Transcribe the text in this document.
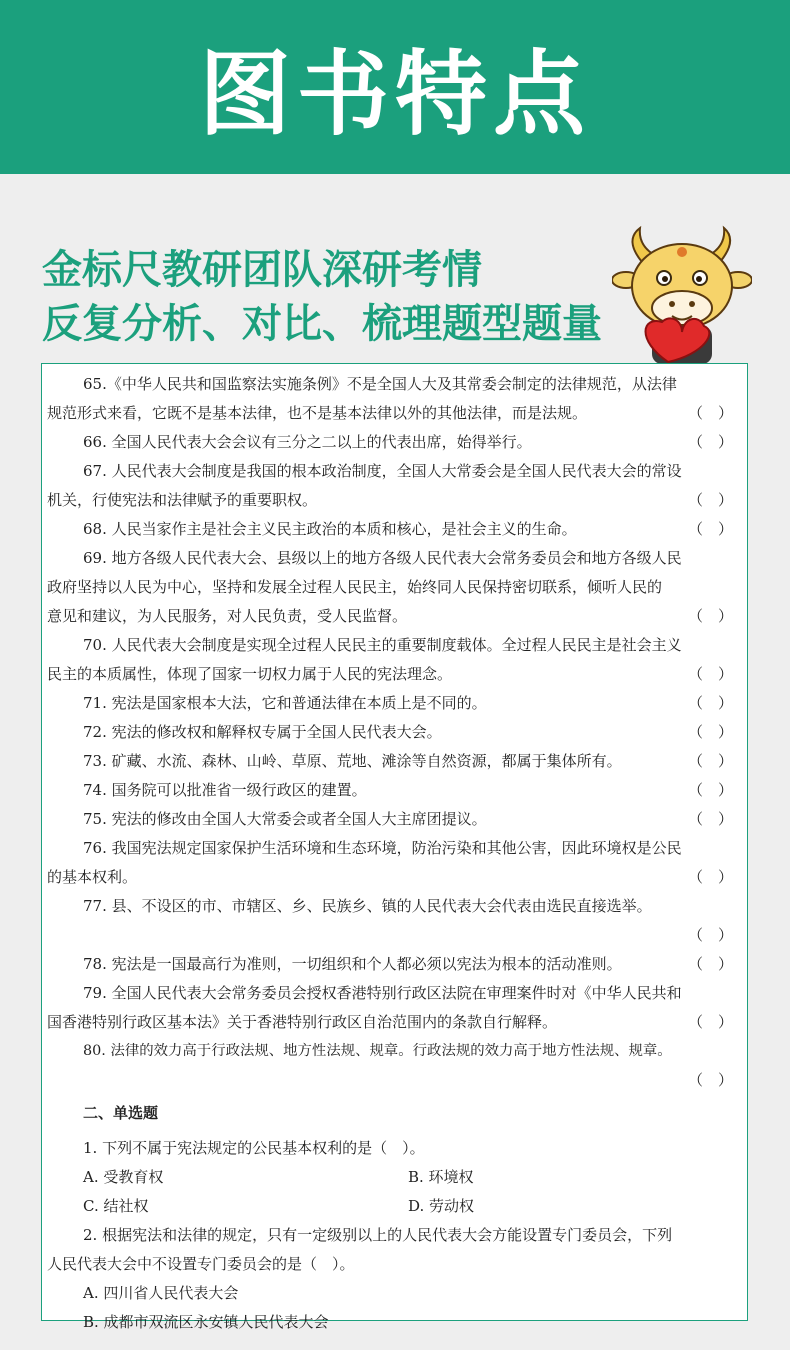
图书特点
金标尺教研团队深研考情
反复分析、对比、梳理题型题量
65.《中华人民共和国监察法实施条例》不是全国人大及其常委会制定的法律规范，从法律
规范形式来看，它既不是基本法律，也不是基本法律以外的其他法律，而是法规。	（　）
66. 全国人民代表大会会议有三分之二以上的代表出席，始得举行。	（　）
67. 人民代表大会制度是我国的根本政治制度，全国人大常委会是全国人民代表大会的常设
机关，行使宪法和法律赋予的重要职权。	（　）
68. 人民当家作主是社会主义民主政治的本质和核心，是社会主义的生命。	（　）
69. 地方各级人民代表大会、县级以上的地方各级人民代表大会常务委员会和地方各级人民
政府坚持以人民为中心，坚持和发展全过程人民民主，始终同人民保持密切联系，倾听人民的
意见和建议，为人民服务，对人民负责，受人民监督。	（　）
70. 人民代表大会制度是实现全过程人民民主的重要制度载体。全过程人民民主是社会主义
民主的本质属性，体现了国家一切权力属于人民的宪法理念。	（　）
71. 宪法是国家根本大法，它和普通法律在本质上是不同的。	（　）
72. 宪法的修改权和解释权专属于全国人民代表大会。	（　）
73. 矿藏、水流、森林、山岭、草原、荒地、滩涂等自然资源，都属于集体所有。	（　）
74. 国务院可以批准省一级行政区的建置。	（　）
75. 宪法的修改由全国人大常委会或者全国人大主席团提议。	（　）
76. 我国宪法规定国家保护生活环境和生态环境，防治污染和其他公害，因此环境权是公民
的基本权利。	（　）
77. 县、不设区的市、市辖区、乡、民族乡、镇的人民代表大会代表由选民直接选举。
（　）
78. 宪法是一国最高行为准则，一切组织和个人都必须以宪法为根本的活动准则。	（　）
79. 全国人民代表大会常务委员会授权香港特别行政区法院在审理案件时对《中华人民共和
国香港特别行政区基本法》关于香港特别行政区自治范围内的条款自行解释。	（　）
80. 法律的效力高于行政法规、地方性法规、规章。行政法规的效力高于地方性法规、规章。
（　）
二、单选题
1. 下列不属于宪法规定的公民基本权利的是（　）。
A. 受教育权	B. 环境权
C. 结社权	D. 劳动权
2. 根据宪法和法律的规定，只有一定级别以上的人民代表大会方能设置专门委员会，下列
人民代表大会中不设置专门委员会的是（　）。
A. 四川省人民代表大会
B. 成都市双流区永安镇人民代表大会
